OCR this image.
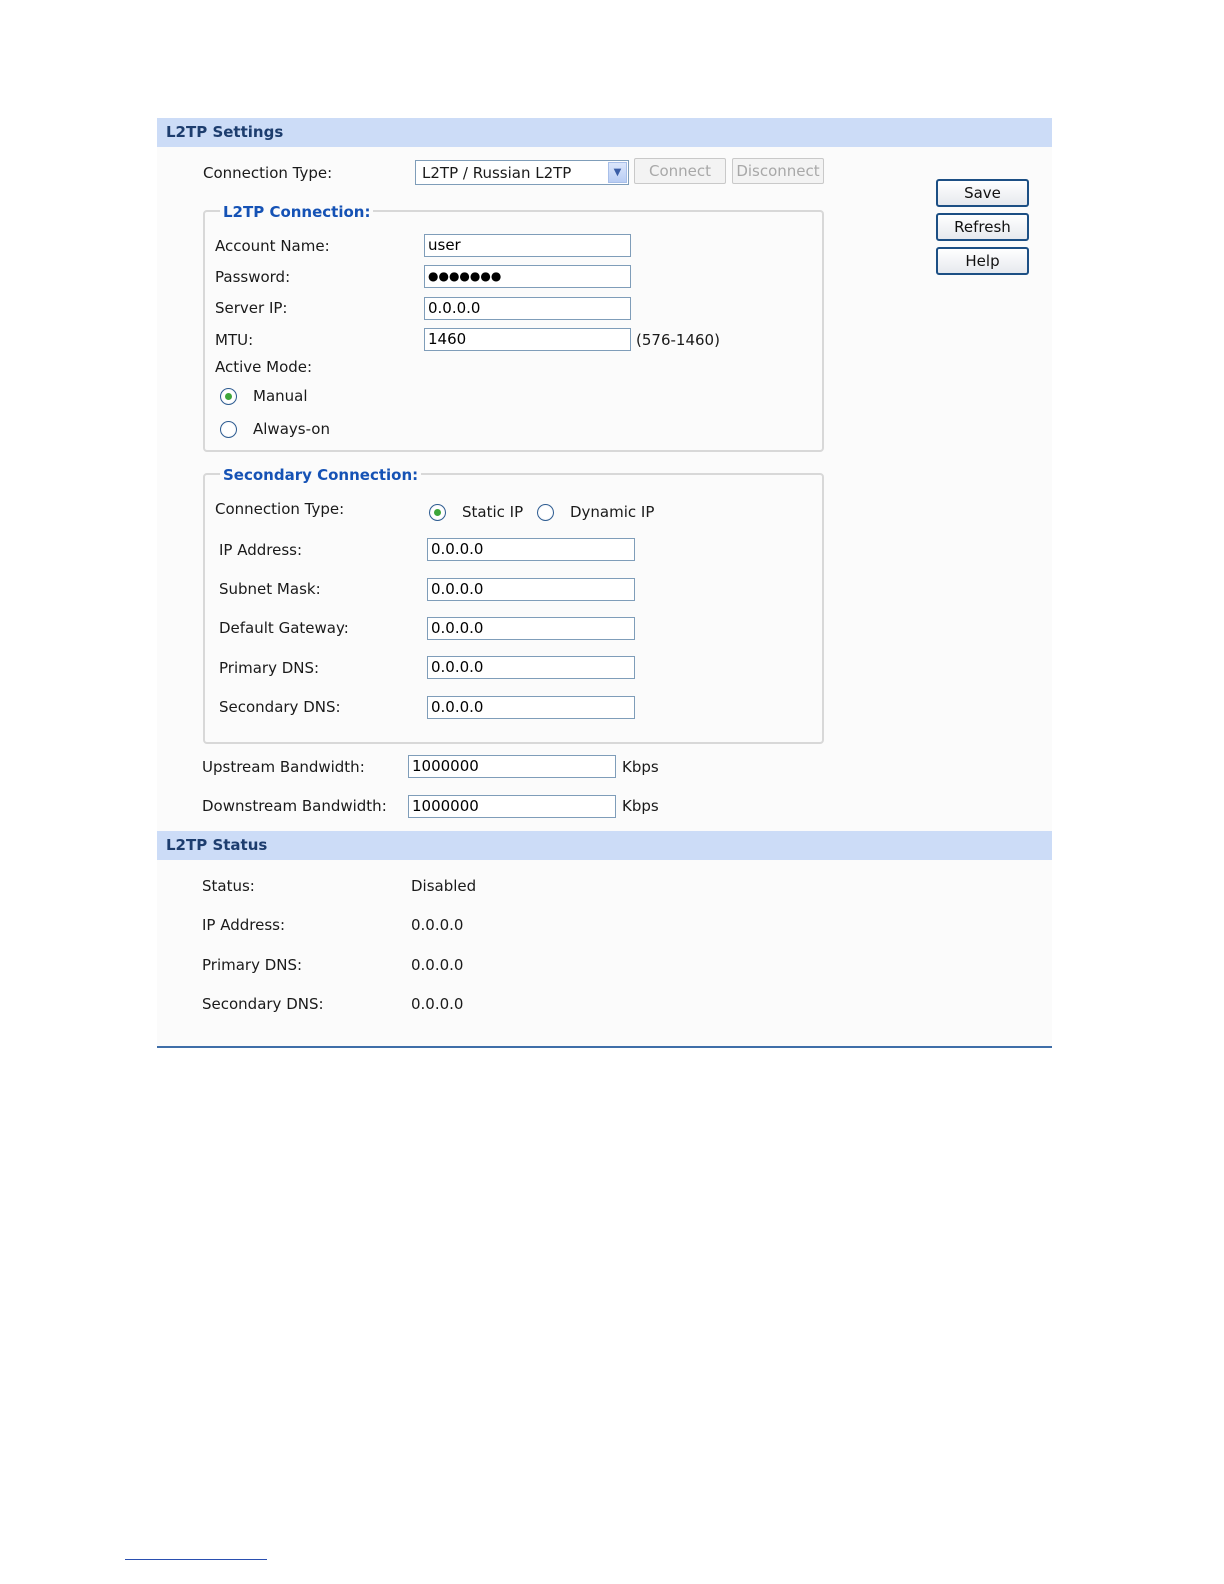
L2TP Settings
Connection Type:	L2TP / Russian L2TP	▼	Connect	Disconnect
Save
Refresh
Help
L2TP Connection:
Account Name:	user
Password:	●●●●●●●
Server IP:	0.0.0.0
MTU:	1460	(576-1460)
Active Mode:
Manual
Always-on
Secondary Connection:
Connection Type:	Static IP	Dynamic IP
IP Address:	0.0.0.0
Subnet Mask:	0.0.0.0
Default Gateway:	0.0.0.0
Primary DNS:	0.0.0.0
Secondary DNS:	0.0.0.0
Upstream Bandwidth:	1000000	Kbps
Downstream Bandwidth: 1000000	Kbps
L2TP Status
Status:	Disabled
IP Address:	0.0.0.0
Primary DNS:	0.0.0.0
Secondary DNS:	0.0.0.0
